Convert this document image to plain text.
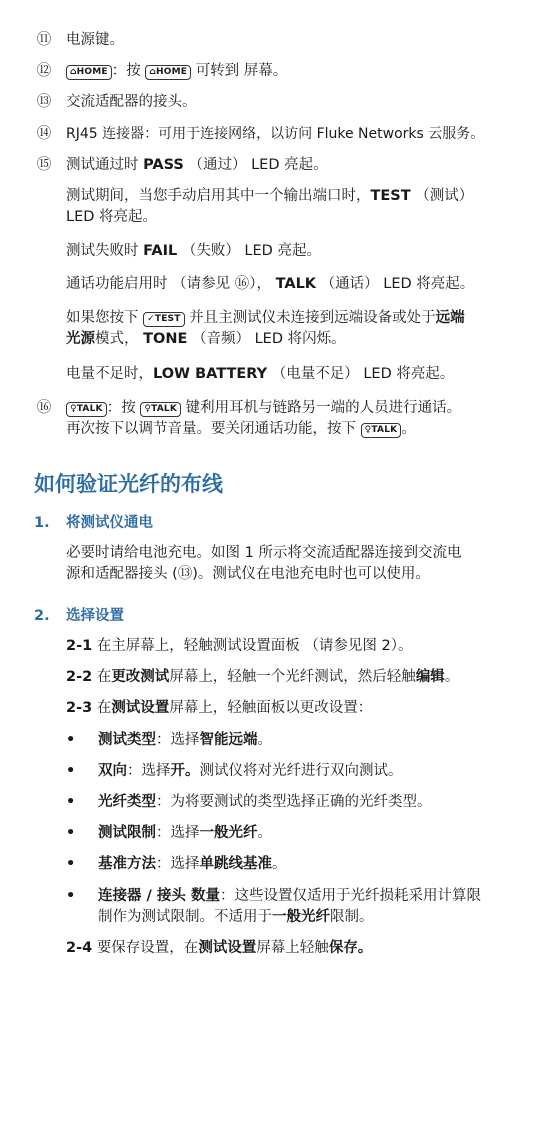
⑪ 电源键。
⑫	⌂HOME ：按 ⌂HOME 可转到 屏幕。
⑬ 交流适配器的接头。
⑭ RJ45 连接器：可用于连接网络，以访问 Fluke Networks 云服务。
⑮ 测试通过时 PASS （通过） LED 亮起。
测试期间，当您手动启用其中一个输出端口时，TEST （测试）
LED 将亮起。
测试失败时 FAIL （失败） LED 亮起。
通话功能启用时 （请参见 ⑯）， TALK （通话） LED 将亮起。
如果您按下 ✓TEST 并且主测试仪未连接到远端设备或处于远端
光源模式， TONE （音频） LED 将闪烁。
电量不足时，LOW BATTERY （电量不足） LED 将亮起。
⑯	♀TALK ：按 ♀TALK 键利用耳机与链路另一端的人员进行通话。
再次按下以调节音量。要关闭通话功能，按下 ♀TALK 。
如何验证光纤的布线
1. 将测试仪通电
必要时请给电池充电。如图 1 所示将交流适配器连接到交流电
源和适配器接头 (⑬)。测试仪在电池充电时也可以使用。
2. 选择设置
2-1 在主屏幕上，轻触测试设置面板 （请参见图 2）。
2-2 在更改测试屏幕上，轻触一个光纤测试，然后轻触编辑。
2-3 在测试设置屏幕上，轻触面板以更改设置：
• 测试类型：选择智能远端。
• 双向：选择开。测试仪将对光纤进行双向测试。
• 光纤类型：为将要测试的类型选择正确的光纤类型。
• 测试限制：选择一般光纤。
• 基准方法：选择单跳线基准。
• 连接器 / 接头 数量：这些设置仅适用于光纤损耗采用计算限
制作为测试限制。不适用于一般光纤限制。
2-4 要保存设置，在测试设置屏幕上轻触保存。
